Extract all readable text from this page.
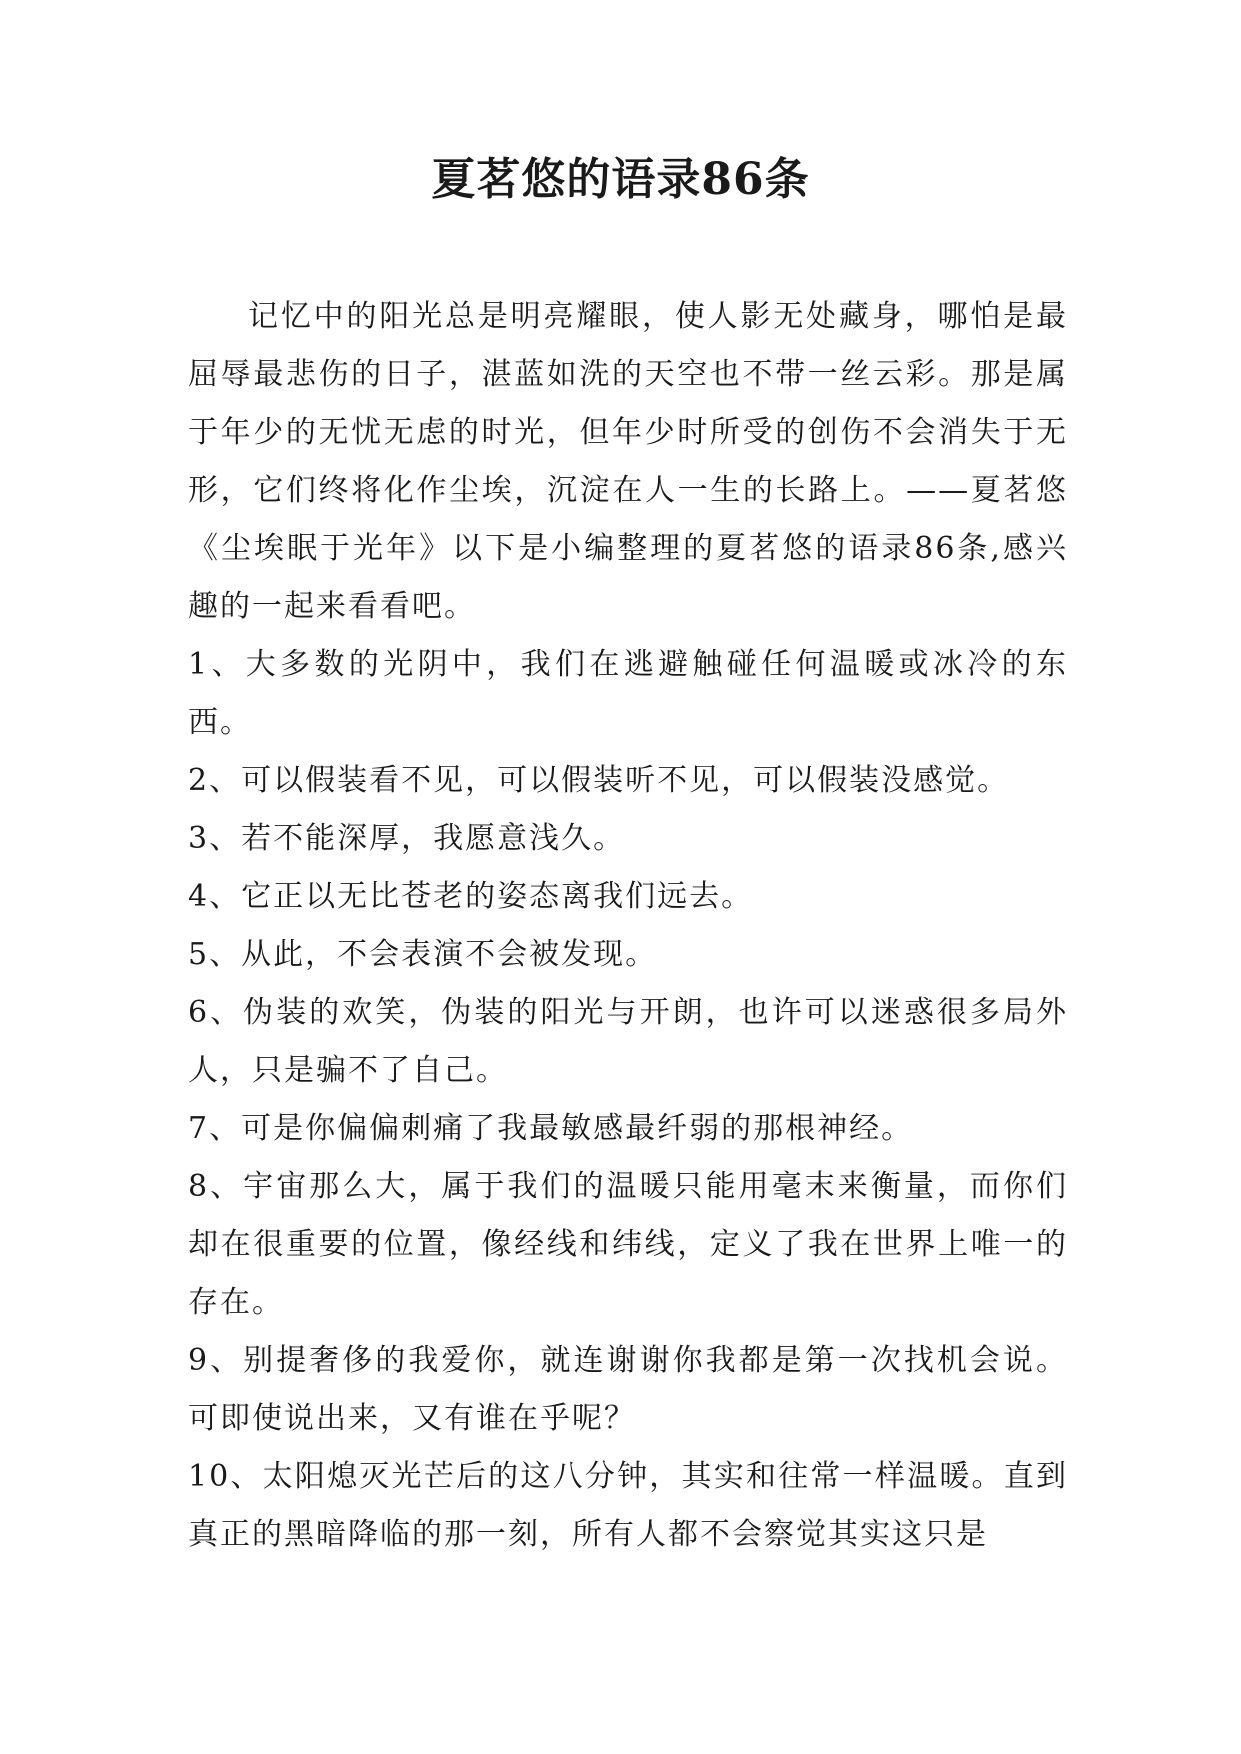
夏茗悠的语录86条

记忆中的阳光总是明亮耀眼，使人影无处藏身，哪怕是最屈辱最悲伤的日子，湛蓝如洗的天空也不带一丝云彩。那是属于年少的无忧无虑的时光，但年少时所受的创伤不会消失于无形，它们终将化作尘埃，沉淀在人一生的长路上。——夏茗悠 《尘埃眠于光年》以下是小编整理的夏茗悠的语录86条,感兴趣的一起来看看吧。

1、大多数的光阴中，我们在逃避触碰任何温暖或冰冷的东西。

2、可以假装看不见，可以假装听不见，可以假装没感觉。

3、若不能深厚，我愿意浅久。

4、它正以无比苍老的姿态离我们远去。

5、从此，不会表演不会被发现。

6、伪装的欢笑，伪装的阳光与开朗，也许可以迷惑很多局外人，只是骗不了自己。

7、可是你偏偏刺痛了我最敏感最纤弱的那根神经。

8、宇宙那么大，属于我们的温暖只能用毫末来衡量，而你们却在很重要的位置，像经线和纬线，定义了我在世界上唯一的存在。

9、别提奢侈的我爱你，就连谢谢你我都是第一次找机会说。可即使说出来，又有谁在乎呢？

10、太阳熄灭光芒后的这八分钟，其实和往常一样温暖。直到真正的黑暗降临的那一刻，所有人都不会察觉其实这只是
